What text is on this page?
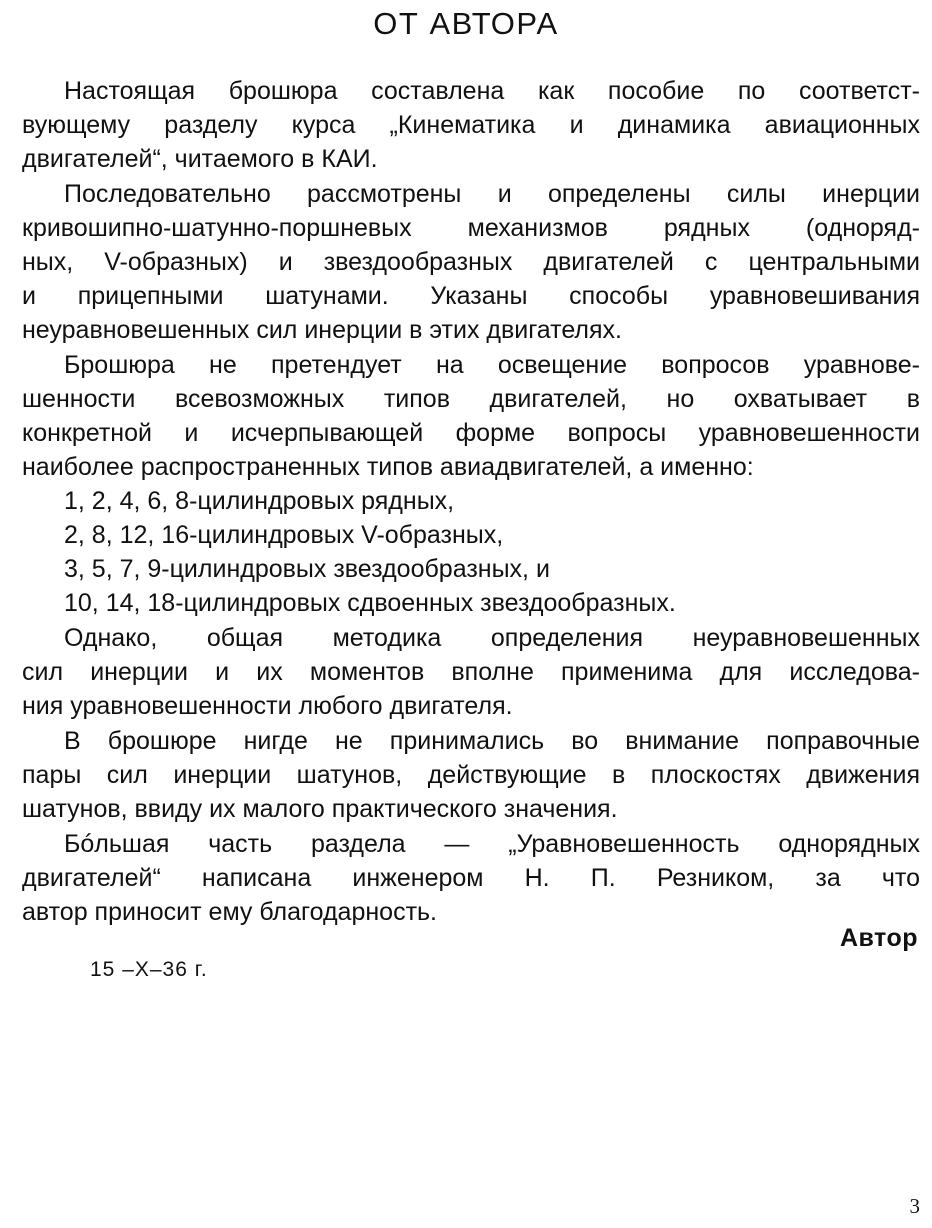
ОТ АВТОРА
Настоящая брошюра составлена как пособие по соответст-
вующему разделу курса „Кинематика и динамика авиационных
двигателей“, читаемого в КАИ.
Последовательно рассмотрены и определены силы инерции
кривошипно-шатунно-поршневых механизмов рядных (однoряд-
ных, V-образных) и звездообразных двигателей с центральными
и прицепными шатунами. Указаны способы уравновешивания
неуравновешенных сил инерции в этих двигателях.
Брошюра не претендует на освещение вопросов уравнове-
шенности всевозможных типов двигателей, но охватывает в
конкретной и исчерпывающей форме вопросы уравновешенности
наиболее распространенных типов авиадвигателей, а именно:
1, 2, 4, 6, 8-цилиндровых рядных,
2, 8, 12, 16-цилиндровых V-образных,
3, 5, 7, 9-цилиндровых звездообразных, и
10, 14, 18-цилиндровых сдвоенных звездообразных.
Однако, общая методика определения неуравновешенных
сил инерции и их моментов вполне применима для исследова-
ния уравновешенности любого двигателя.
В брошюре нигде не принимались во внимание поправочные
пары сил инерции шатунов, действующие в плоскостях движения
шатунов, ввиду их малого практического значения.
Бóльшая часть раздела — „Уравновешенность однорядных
двигателей“ написана инженером Н. П. Резником, за что
автор приносит ему благодарность.
Автор
15 –X–36 г.
3
